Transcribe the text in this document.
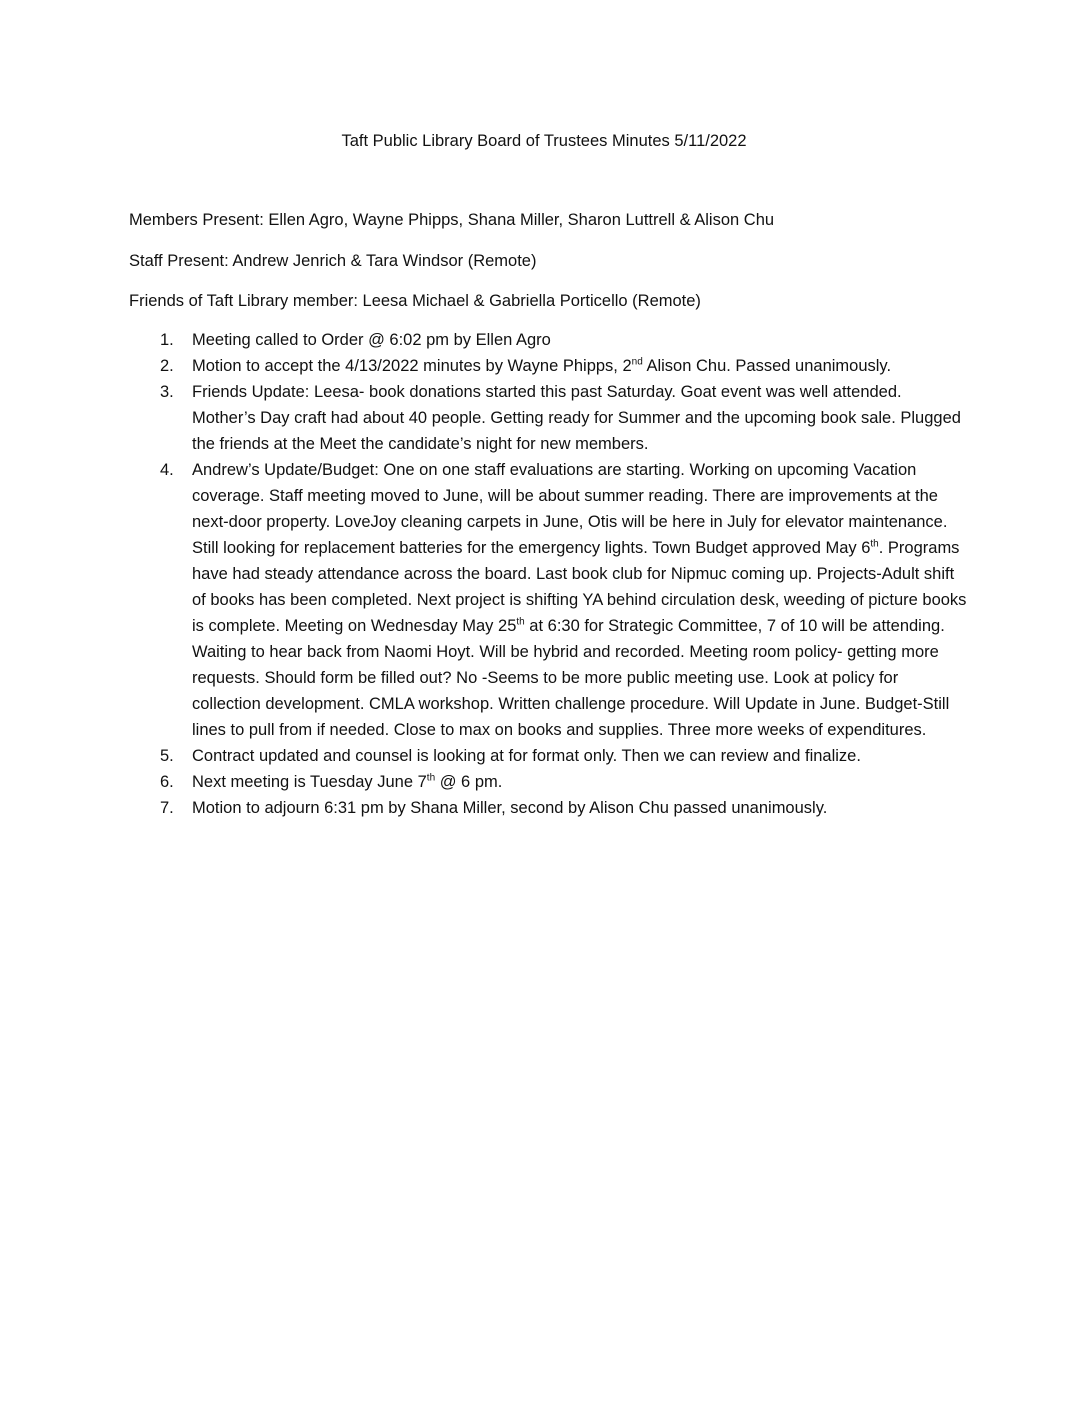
Taft Public Library Board of Trustees Minutes 5/11/2022
Members Present: Ellen Agro, Wayne Phipps, Shana Miller, Sharon Luttrell & Alison Chu
Staff Present: Andrew Jenrich & Tara Windsor (Remote)
Friends of Taft Library member: Leesa Michael & Gabriella Porticello (Remote)
1. Meeting called to Order @ 6:02 pm by Ellen Agro
2. Motion to accept the 4/13/2022 minutes by Wayne Phipps, 2nd Alison Chu. Passed unanimously.
3. Friends Update: Leesa- book donations started this past Saturday. Goat event was well attended. Mother’s Day craft had about 40 people. Getting ready for Summer and the upcoming book sale. Plugged the friends at the Meet the candidate’s night for new members.
4. Andrew’s Update/Budget: One on one staff evaluations are starting. Working on upcoming Vacation coverage. Staff meeting moved to June, will be about summer reading. There are improvements at the next-door property. LoveJoy cleaning carpets in June, Otis will be here in July for elevator maintenance. Still looking for replacement batteries for the emergency lights. Town Budget approved May 6th. Programs have had steady attendance across the board. Last book club for Nipmuc coming up. Projects-Adult shift of books has been completed. Next project is shifting YA behind circulation desk, weeding of picture books is complete. Meeting on Wednesday May 25th at 6:30 for Strategic Committee, 7 of 10 will be attending. Waiting to hear back from Naomi Hoyt. Will be hybrid and recorded. Meeting room policy- getting more requests. Should form be filled out? No -Seems to be more public meeting use. Look at policy for collection development. CMLA workshop. Written challenge procedure. Will Update in June. Budget-Still lines to pull from if needed. Close to max on books and supplies. Three more weeks of expenditures.
5. Contract updated and counsel is looking at for format only. Then we can review and finalize.
6. Next meeting is Tuesday June 7th @ 6 pm.
7. Motion to adjourn 6:31 pm by Shana Miller, second by Alison Chu passed unanimously.
